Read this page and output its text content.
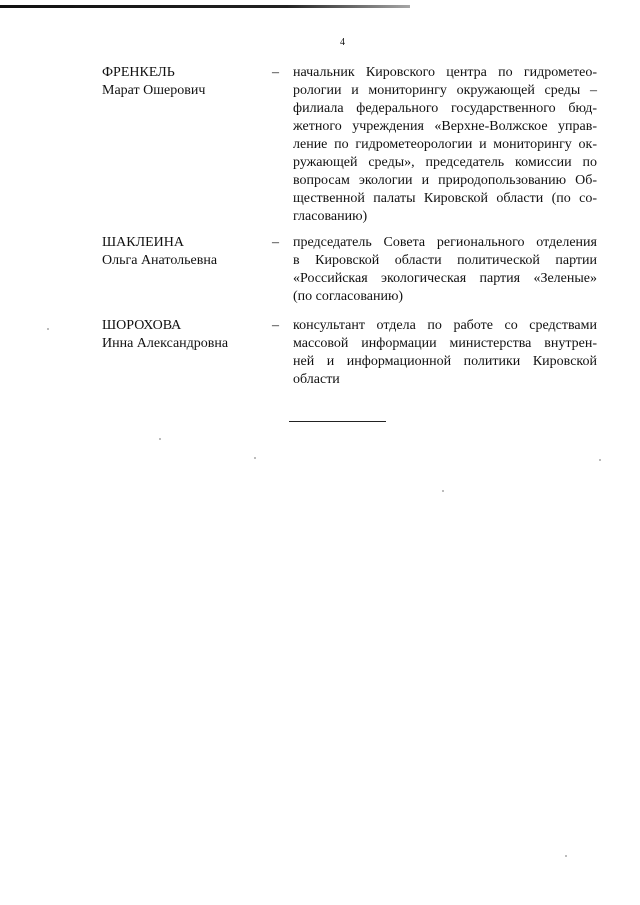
4
ФРЕНКЕЛЬ
Марат Ошерович
– начальник Кировского центра по гидрометео-
рологии и мониторингу окружающей среды –
филиала федерального государственного бюд-
жетного учреждения «Верхне-Волжское управ-
ление по гидрометеорологии и мониторингу ок-
ружающей среды», председатель комиссии по
вопросам экологии и природопользованию Об-
щественной палаты Кировской области (по со-
гласованию)
ШАКЛЕИНА
Ольга Анатольевна
– председатель Совета регионального отделения
в Кировской области политической партии
«Российская экологическая партия «Зеленые»
(по согласованию)
ШОРОХОВА
Инна Александровна
– консультант отдела по работе со средствами
массовой информации министерства внутрен-
ней и информационной политики Кировской
области
